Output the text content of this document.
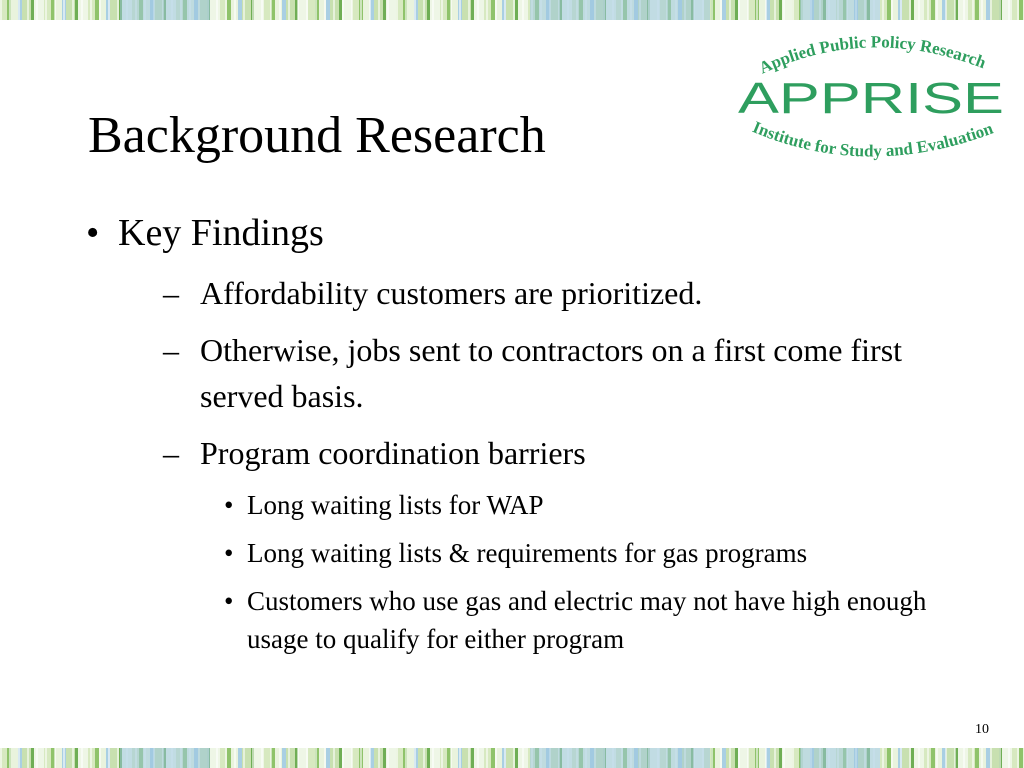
Background Research
Applied Public Policy Research
APPRISE
Institute for Study and Evaluation
• Key Findings
– Affordability customers are prioritized.
– Otherwise, jobs sent to contractors on a first come first served basis.
– Program coordination barriers
• Long waiting lists for WAP
• Long waiting lists & requirements for gas programs
• Customers who use gas and electric may not have high enough usage to qualify for either program
10
